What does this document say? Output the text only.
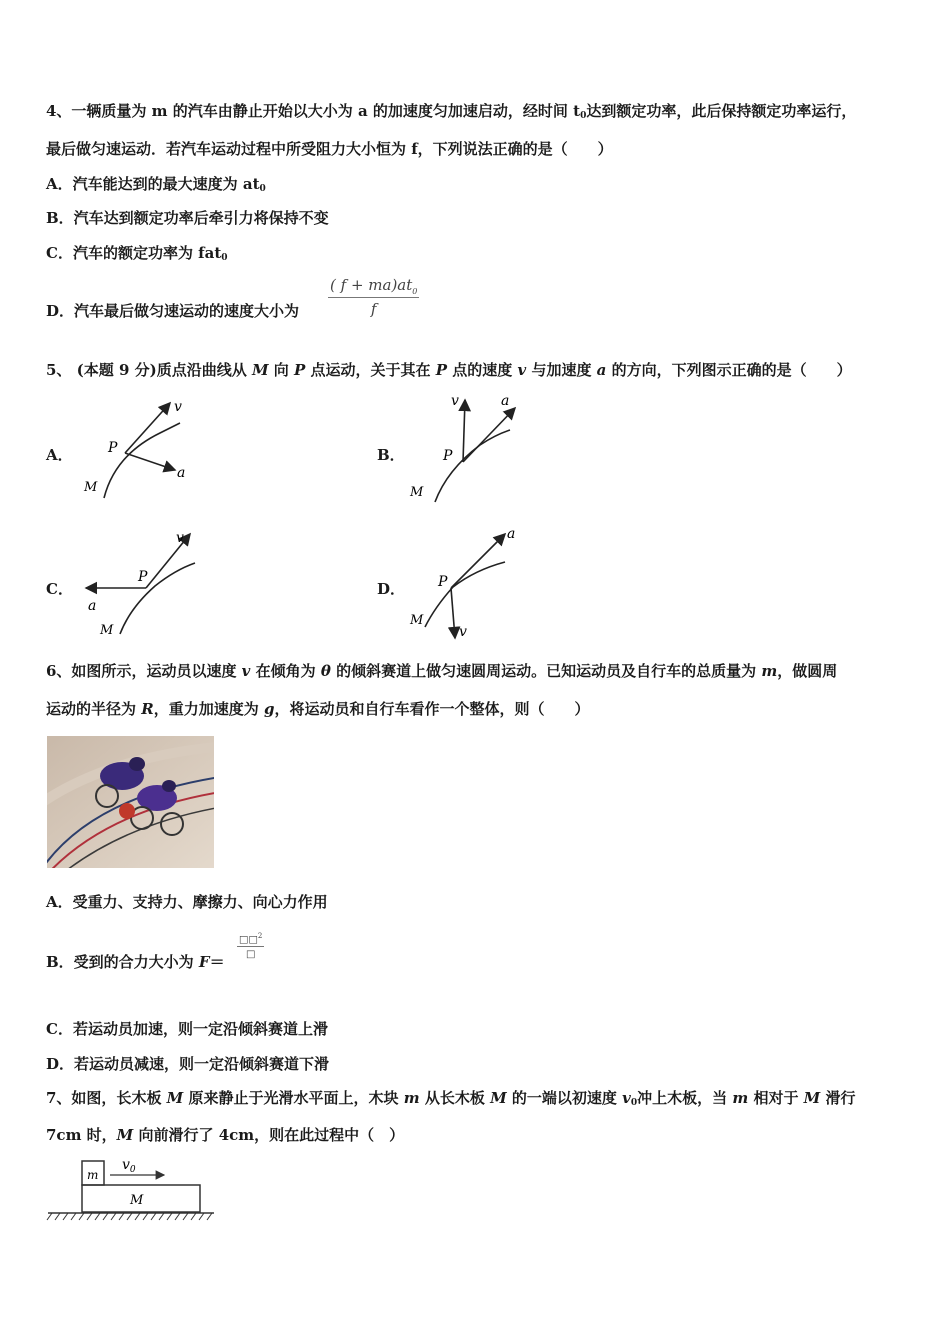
4、一辆质量为 m 的汽车由静止开始以大小为 a 的加速度匀加速启动，经时间 $t_0$达到额定功率，此后保持额定功率运行，
最后做匀速运动．若汽车运动过程中所受阻力大小恒为 f，下列说法正确的是（　　）
A．汽车能达到的最大速度为 $at_0$
B．汽车达到额定功率后牵引力将保持不变
C．汽车的额定功率为 fat$_0$
D．汽车最后做匀速运动的速度大小为 $\frac{( f + ma)at_0}{f}$
5、 (本题 9 分)质点沿曲线从 M 向 P 点运动，关于其在 P 点的速度 v 与加速度 a 的方向，下列图示正确的是（　　）
A．	B．
C．	D．
v
a
P
M
v	a
P
M
v
a
P
M
a
v
P
M
6、如图所示，运动员以速度 v 在倾角为 θ 的倾斜赛道上做匀速圆周运动。已知运动员及自行车的总质量为 m，做圆周
运动的半径为 R，重力加速度为 g，将运动员和自行车看作一个整体，则（　　）
A．受重力、支持力、摩擦力、向心力作用
B．受到的合力大小为 F＝
□□$^2$
□
C．若运动员加速，则一定沿倾斜赛道上滑
D．若运动员减速，则一定沿倾斜赛道下滑
7、如图，长木板 M 原来静止于光滑水平面上，木块 m 从长木板 M 的一端以初速度 $v_0$冲上木板，当 m 相对于 M 滑行
7cm 时，M 向前滑行了 4cm，则在此过程中（　）
m
M
$v_0$
